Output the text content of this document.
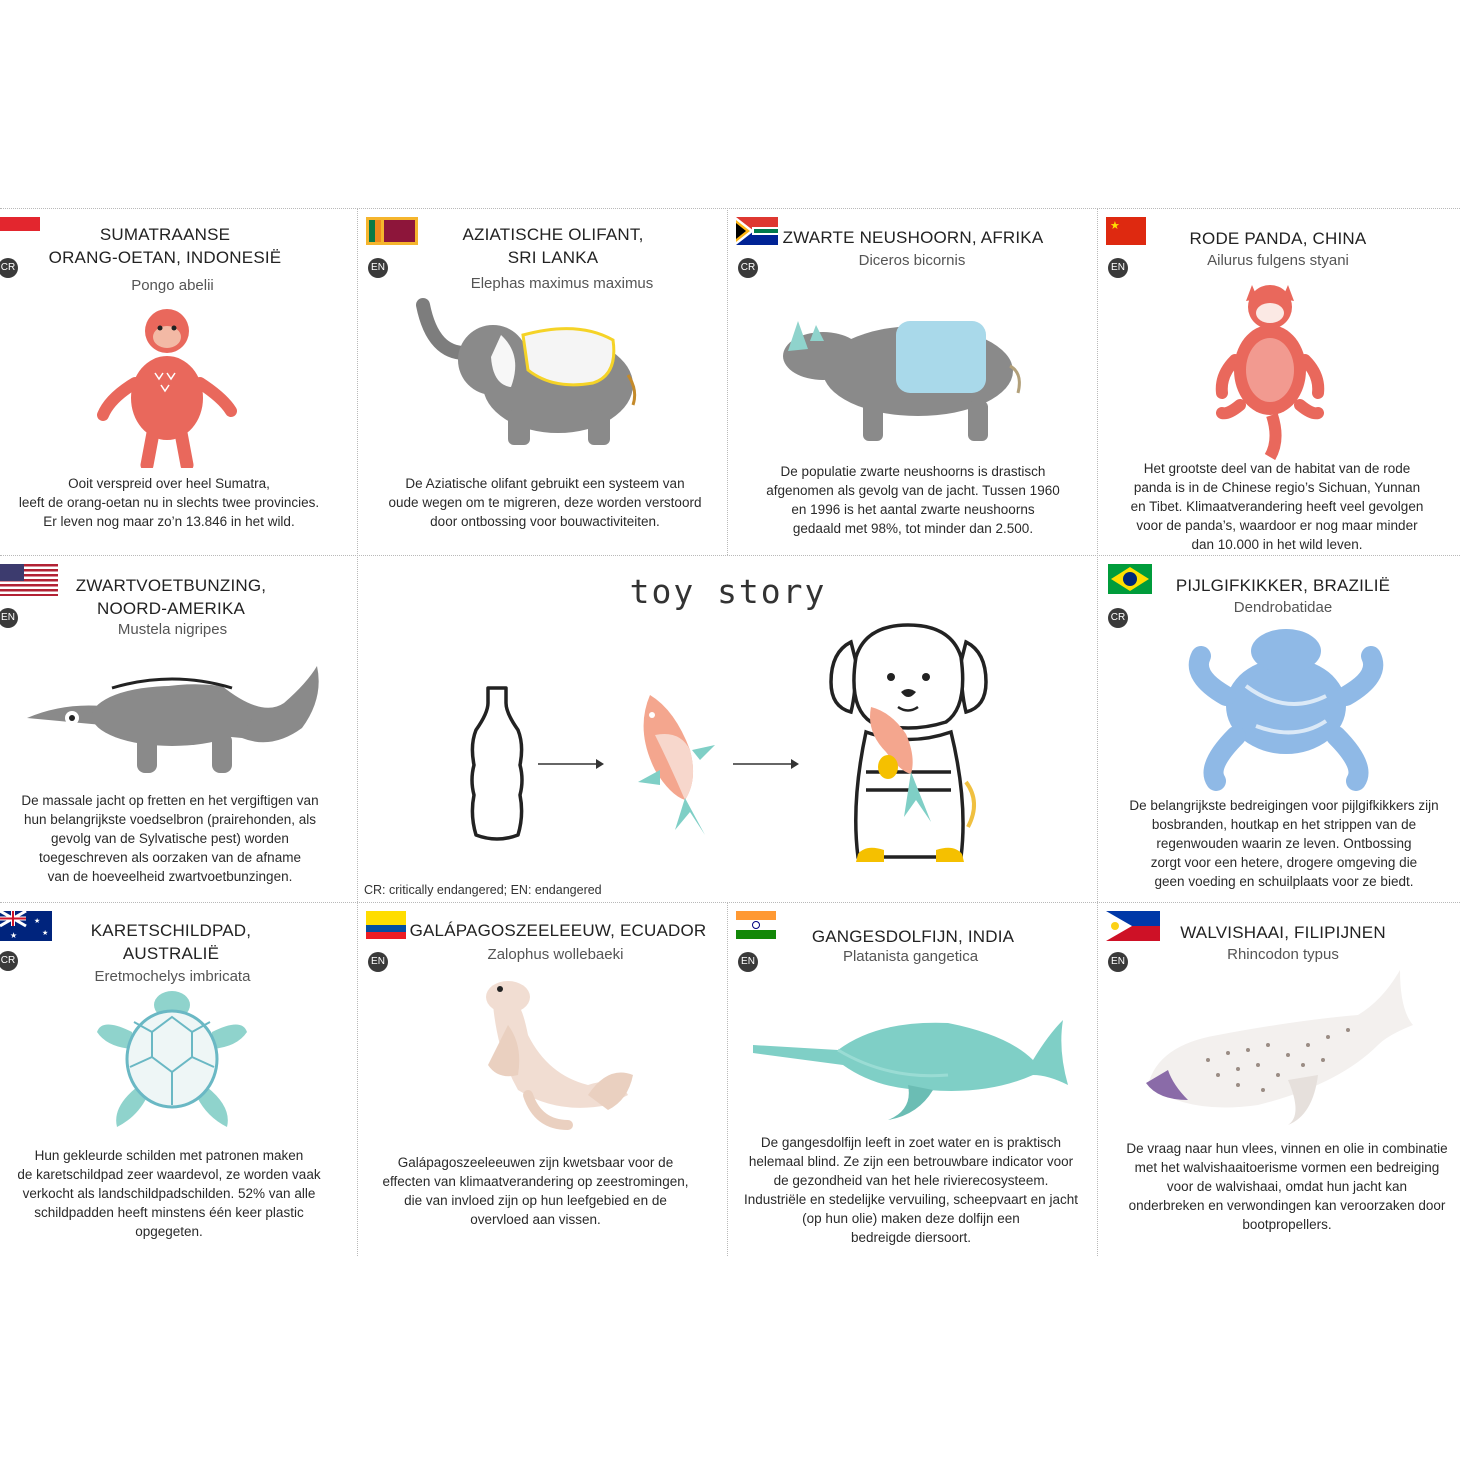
CR
SUMATRAANSE
ORANG-OETAN, INDONESIË
Pongo abelii
Ooit verspreid over heel Sumatra,
leeft de orang-oetan nu in slechts twee provincies.
Er leven nog maar zo’n 13.846 in het wild.
EN
AZIATISCHE OLIFANT,
SRI LANKA
Elephas maximus maximus
De Aziatische olifant gebruikt een systeem van
oude wegen om te migreren, deze worden verstoord
door ontbossing voor bouwactiviteiten.
CR
ZWARTE NEUSHOORN, AFRIKA
Diceros bicornis
De populatie zwarte neushoorns is drastisch
afgenomen als gevolg van de jacht. Tussen 1960
en 1996 is het aantal zwarte neushoorns
gedaald met 98%, tot minder dan 2.500.
★
EN
RODE PANDA, CHINA
Ailurus fulgens styani
Het grootste deel van de habitat van de rode
panda is in de Chinese regio’s Sichuan, Yunnan
en Tibet. Klimaatverandering heeft veel gevolgen
voor de panda’s, waardoor er nog maar minder
dan 10.000 in het wild leven.
EN
ZWARTVOETBUNZING,
NOORD-AMERIKA
Mustela nigripes
De massale jacht op fretten en het vergiftigen van
hun belangrijkste voedselbron (prairehonden, als
gevolg van de Sylvatische pest) worden
toegeschreven als oorzaken van de afname
van de hoeveelheid zwartvoetbunzingen.
toy story
CR: critically endangered; EN: endangered
CR
PIJLGIFKIKKER, BRAZILIË
Dendrobatidae
De belangrijkste bedreigingen voor pijlgifkikkers zijn
bosbranden, houtkap en het strippen van de
regenwouden waarin ze leven. Ontbossing
zorgt voor een hetere, drogere omgeving die
geen voeding en schuilplaats voor ze biedt.
★
★
★
CR
KARETSCHILDPAD,
AUSTRALIË
Eretmochelys imbricata
Hun gekleurde schilden met patronen maken
de karetschildpad zeer waardevol, ze worden vaak
verkocht als landschildpadschilden. 52% van alle
schildpadden heeft minstens één keer plastic
opgegeten.
EN
GALÁPAGOSZEELEEUW, ECUADOR
Zalophus wollebaeki
Galápagoszeeleeuwen zijn kwetsbaar voor de
effecten van klimaatverandering op zeestromingen,
die van invloed zijn op hun leefgebied en de
overvloed aan vissen.
EN
GANGESDOLFIJN, INDIA
Platanista gangetica
De gangesdolfijn leeft in zoet water en is praktisch
helemaal blind. Ze zijn een betrouwbare indicator voor
de gezondheid van het hele rivierecosysteem.
Industriële en stedelijke vervuiling, scheepvaart en jacht
(op hun olie) maken deze dolfijn een
bedreigde diersoort.
EN
WALVISHAAI, FILIPIJNEN
Rhincodon typus
De vraag naar hun vlees, vinnen en olie in combinatie
met het walvishaaitoerisme vormen een bedreiging
voor de walvishaai, omdat hun jacht kan
onderbreken en verwondingen kan veroorzaken door
bootpropellers.
